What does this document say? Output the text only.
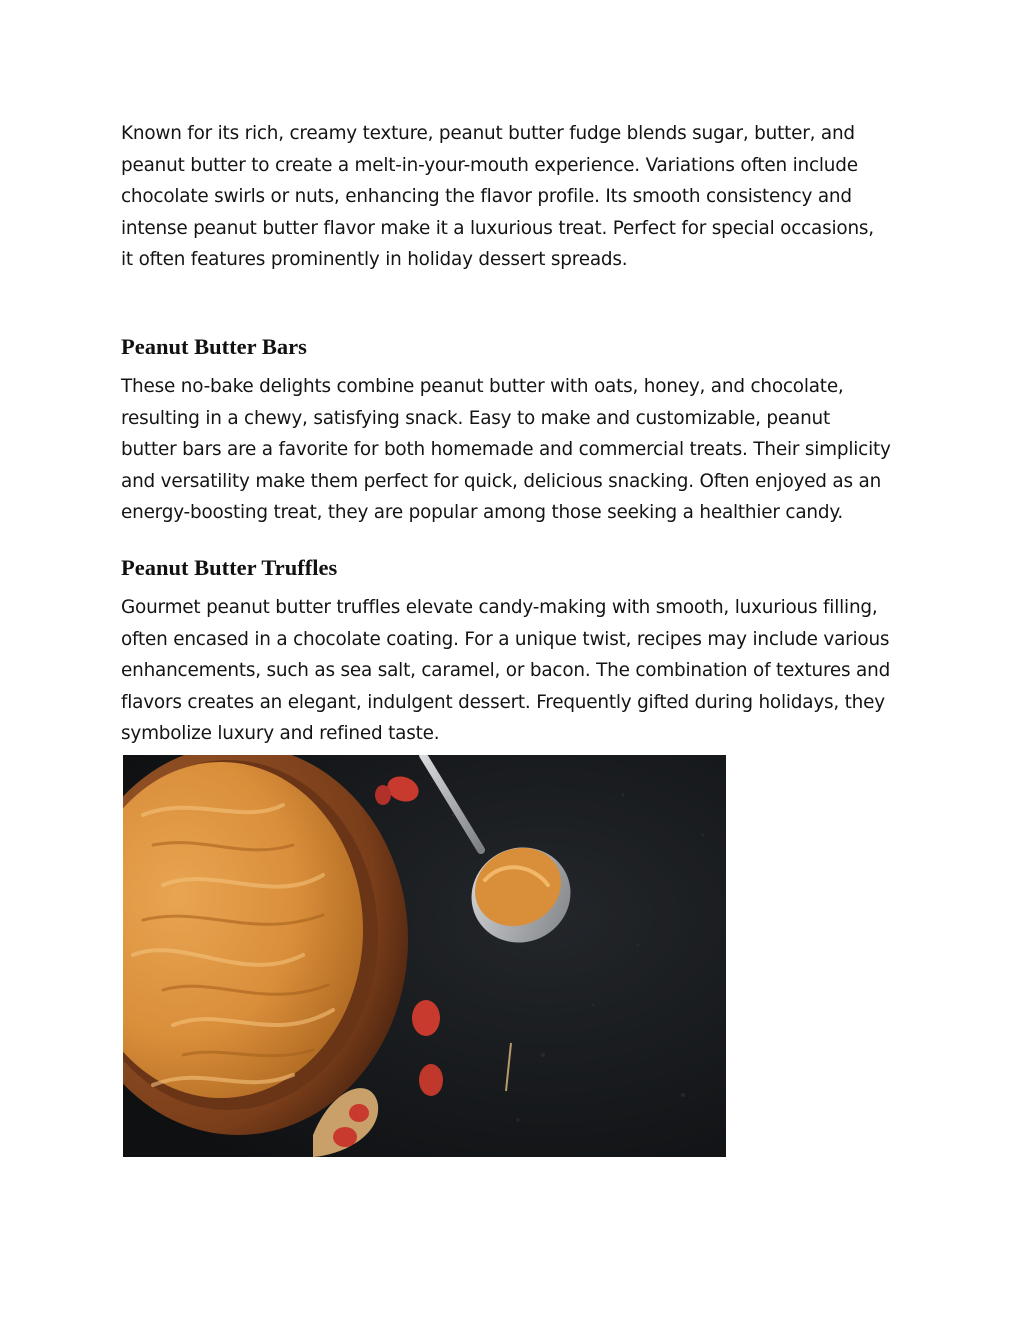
Known for its rich, creamy texture, peanut butter fudge blends sugar, butter, and peanut butter to create a melt-in-your-mouth experience. Variations often include chocolate swirls or nuts, enhancing the flavor profile. Its smooth consistency and intense peanut butter flavor make it a luxurious treat. Perfect for special occasions, it often features prominently in holiday dessert spreads.

Peanut Butter Bars

These no-bake delights combine peanut butter with oats, honey, and chocolate, resulting in a chewy, satisfying snack. Easy to make and customizable, peanut butter bars are a favorite for both homemade and commercial treats. Their simplicity and versatility make them perfect for quick, delicious snacking. Often enjoyed as an energy-boosting treat, they are popular among those seeking a healthier candy.

Peanut Butter Truffles

Gourmet peanut butter truffles elevate candy-making with smooth, luxurious filling, often encased in a chocolate coating. For a unique twist, recipes may include various enhancements, such as sea salt, caramel, or bacon. The combination of textures and flavors creates an elegant, indulgent dessert. Frequently gifted during holidays, they symbolize luxury and refined taste.
